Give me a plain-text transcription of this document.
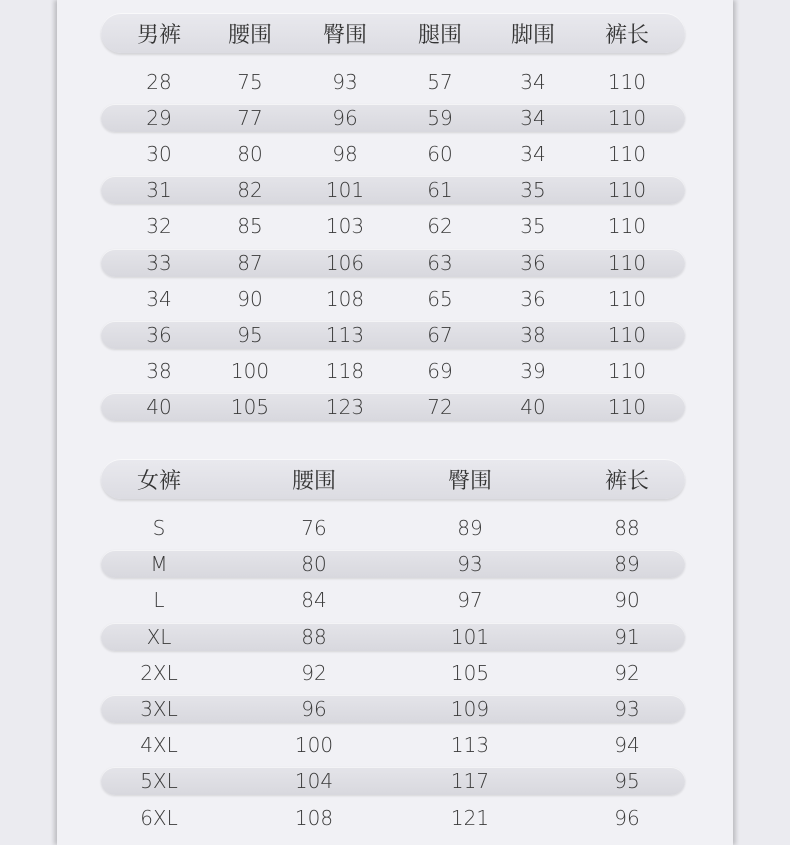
男裤 腰围 臀围 腿围 脚围 裤长
28	75	93	57	34	110
29	77	96	59	34	110
30	80	98	60	34	110
31	82	101	61	35	110
32	85	103	62	35	110
33	87	106	63	36	110
34	90	108	65	36	110
36	95	113	67	38	110
38	100	118	69	39	110
40	105	123	72	40	110
女裤	腰围	臀围	裤长
S	76	89	88
M	80	93	89
L	84	97	90
XL	88	101	91
2XL	92	105	92
3XL	96	109	93
4XL	100	113	94
5XL	104	117	95
6XL	108	121	96
